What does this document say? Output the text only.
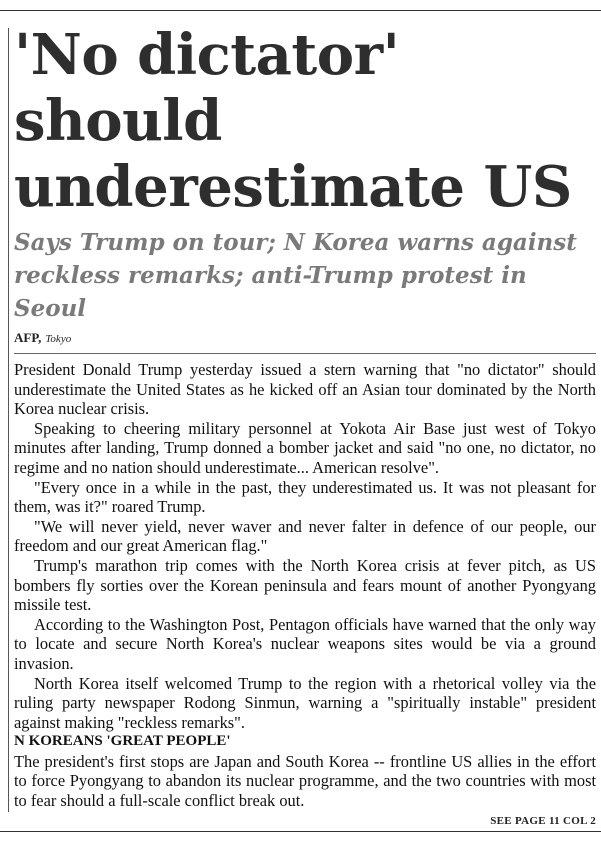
'No dictator' should underestimate US
Says Trump on tour; N Korea warns against reckless remarks; anti-Trump protest in Seoul
AFP, Tokyo

President Donald Trump yesterday issued a stern warning that "no dictator" should underestimate the United States as he kicked off an Asian tour dominated by the North Korea nuclear crisis.

Speaking to cheering military personnel at Yokota Air Base just west of Tokyo minutes after landing, Trump donned a bomber jacket and said "no one, no dictator, no regime and no nation should underestimate... American resolve".

"Every once in a while in the past, they underestimated us. It was not pleasant for them, was it?" roared Trump.

"We will never yield, never waver and never falter in defence of our people, our freedom and our great American flag."

Trump's marathon trip comes with the North Korea crisis at fever pitch, as US bombers fly sorties over the Korean peninsula and fears mount of another Pyongyang missile test.

According to the Washington Post, Pentagon officials have warned that the only way to locate and secure North Korea's nuclear weapons sites would be via a ground invasion.

North Korea itself welcomed Trump to the region with a rhetorical volley via the ruling party newspaper Rodong Sinmun, warning a "spiritually instable" president against making "reckless remarks".

N KOREANS 'GREAT PEOPLE'

The president's first stops are Japan and South Korea -- frontline US allies in the effort to force Pyongyang to abandon its nuclear programme, and the two countries with most to fear should a full-scale conflict break out.

SEE PAGE 11 COL 2
